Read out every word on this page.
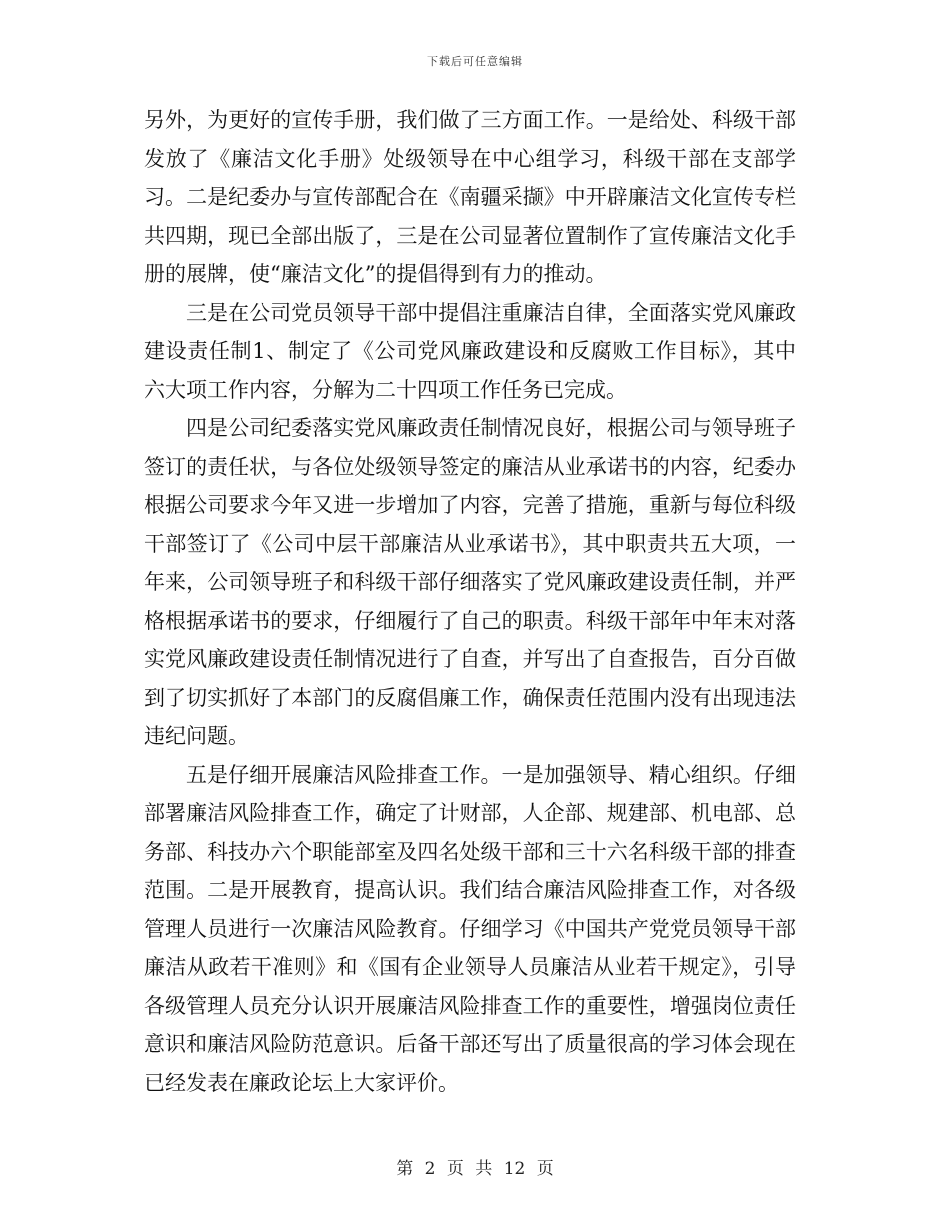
下载后可任意编辑

另外，为更好的宣传手册，我们做了三方面工作。一是给处、科级干部发放了《廉洁文化手册》处级领导在中心组学习，科级干部在支部学习。二是纪委办与宣传部配合在《南疆采撷》中开辟廉洁文化宣传专栏共四期，现已全部出版了，三是在公司显著位置制作了宣传廉洁文化手册的展牌，使“廉洁文化”的提倡得到有力的推动。

三是在公司党员领导干部中提倡注重廉洁自律，全面落实党风廉政建设责任制1、制定了《公司党风廉政建设和反腐败工作目标》，其中六大项工作内容，分解为二十四项工作任务已完成。

四是公司纪委落实党风廉政责任制情况良好，根据公司与领导班子签订的责任状，与各位处级领导签定的廉洁从业承诺书的内容，纪委办根据公司要求今年又进一步增加了内容，完善了措施，重新与每位科级干部签订了《公司中层干部廉洁从业承诺书》，其中职责共五大项，一年来，公司领导班子和科级干部仔细落实了党风廉政建设责任制，并严格根据承诺书的要求，仔细履行了自己的职责。科级干部年中年末对落实党风廉政建设责任制情况进行了自查，并写出了自查报告，百分百做到了切实抓好了本部门的反腐倡廉工作，确保责任范围内没有出现违法违纪问题。

五是仔细开展廉洁风险排查工作。一是加强领导、精心组织。仔细部署廉洁风险排查工作，确定了计财部，人企部、规建部、机电部、总务部、科技办六个职能部室及四名处级干部和三十六名科级干部的排查范围。二是开展教育，提高认识。我们结合廉洁风险排查工作，对各级管理人员进行一次廉洁风险教育。仔细学习《中国共产党党员领导干部廉洁从政若干准则》和《国有企业领导人员廉洁从业若干规定》，引导各级管理人员充分认识开展廉洁风险排查工作的重要性，增强岗位责任意识和廉洁风险防范意识。后备干部还写出了质量很高的学习体会现在已经发表在廉政论坛上大家评价。

第 2 页 共 12 页
